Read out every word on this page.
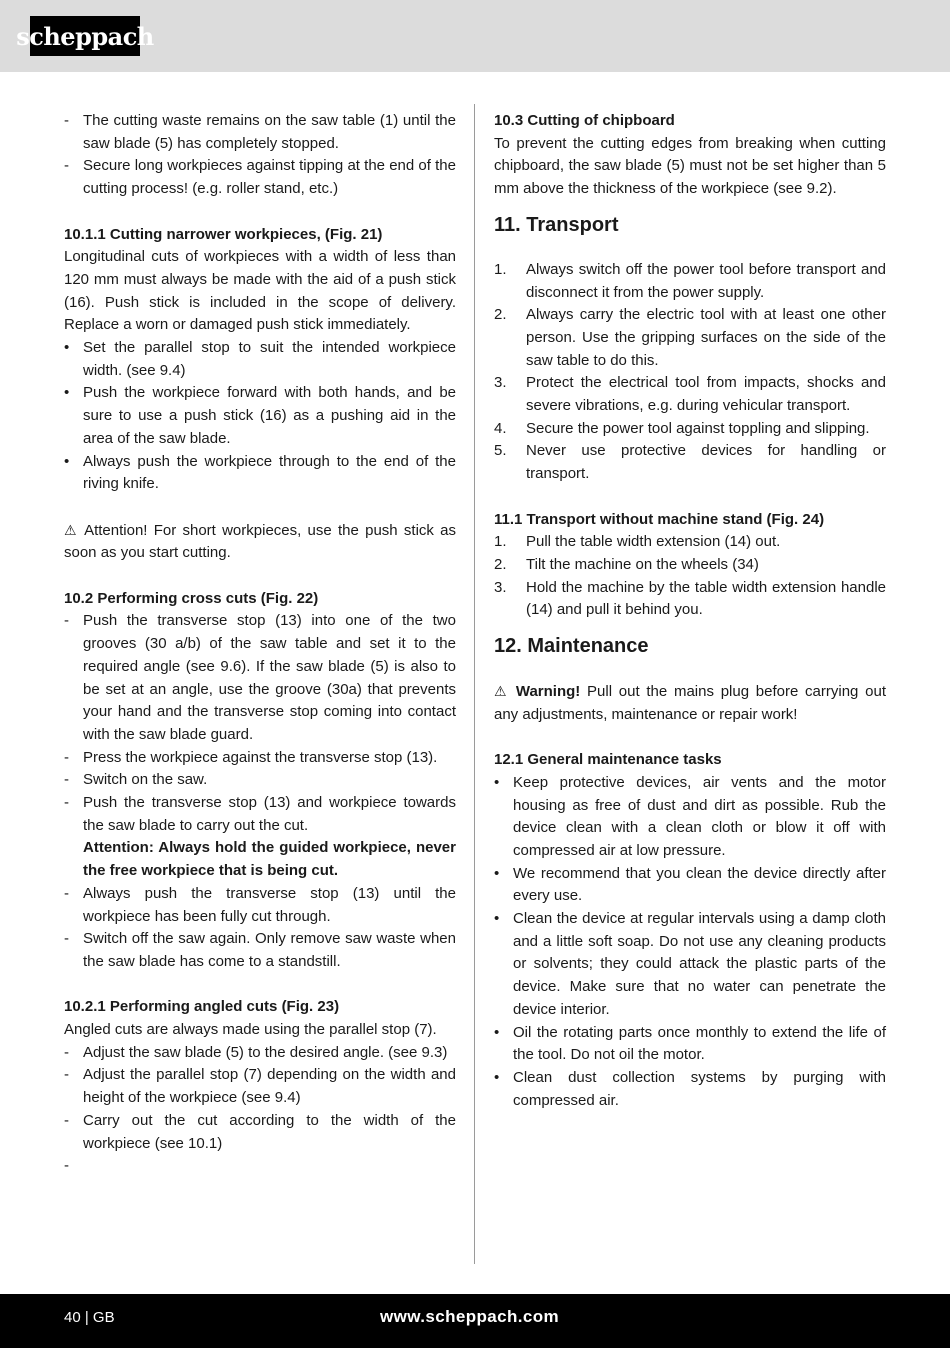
scheppach
- The cutting waste remains on the saw table (1) until the saw blade (5) has completely stopped.
- Secure long workpieces against tipping at the end of the cutting process! (e.g. roller stand, etc.)

10.1.1 Cutting narrower workpieces, (Fig. 21)

Longitudinal cuts of workpieces with a width of less than 120 mm must always be made with the aid of a push stick (16). Push stick is included in the scope of delivery. Replace a worn or damaged push stick immediately.

• Set the parallel stop to suit the intended workpiece width. (see 9.4)
• Push the workpiece forward with both hands, and be sure to use a push stick (16) as a pushing aid in the area of the saw blade.
• Always push the workpiece through to the end of the riving knife.

⚠ Attention! For short workpieces, use the push stick as soon as you start cutting.

10.2 Performing cross cuts (Fig. 22)

- Push the transverse stop (13) into one of the two grooves (30 a/b) of the saw table and set it to the required angle (see 9.6). If the saw blade (5) is also to be set at an angle, use the groove (30a) that prevents your hand and the transverse stop coming into contact with the saw blade guard.
- Press the workpiece against the transverse stop (13).
- Switch on the saw.
- Push the transverse stop (13) and workpiece towards the saw blade to carry out the cut.

Attention: Always hold the guided workpiece, never the free workpiece that is being cut.

- Always push the transverse stop (13) until the workpiece has been fully cut through.
- Switch off the saw again. Only remove saw waste when the saw blade has come to a standstill.

10.2.1 Performing angled cuts (Fig. 23)

Angled cuts are always made using the parallel stop (7).

- Adjust the saw blade (5) to the desired angle. (see 9.3)
- Adjust the parallel stop (7) depending on the width and height of the workpiece (see 9.4)
- Carry out the cut according to the width of the workpiece (see 10.1)
-

10.3 Cutting of chipboard

To prevent the cutting edges from breaking when cutting chipboard, the saw blade (5) must not be set higher than 5 mm above the thickness of the workpiece (see 9.2).

11. Transport
1. Always switch off the power tool before transport and disconnect it from the power supply.
2. Always carry the electric tool with at least one other person. Use the gripping surfaces on the side of the saw table to do this.
3. Protect the electrical tool from impacts, shocks and severe vibrations, e.g. during vehicular transport.
4. Secure the power tool against toppling and slipping.
5. Never use protective devices for handling or transport.

11.1 Transport without machine stand (Fig. 24)

1. Pull the table width extension (14) out.
2. Tilt the machine on the wheels (34)
3. Hold the machine by the table width extension handle (14) and pull it behind you.
12. Maintenance

⚠ Warning! Pull out the mains plug before carrying out any adjustments, maintenance or repair work!

12.1 General maintenance tasks

• Keep protective devices, air vents and the motor housing as free of dust and dirt as possible. Rub the device clean with a clean cloth or blow it off with compressed air at low pressure.
• We recommend that you clean the device directly after every use.
• Clean the device at regular intervals using a damp cloth and a little soft soap. Do not use any cleaning products or solvents; they could attack the plastic parts of the device. Make sure that no water can penetrate the device interior.
• Oil the rotating parts once monthly to extend the life of the tool. Do not oil the motor.
• Clean dust collection systems by purging with compressed air.
40 | GB	www.scheppach.com
